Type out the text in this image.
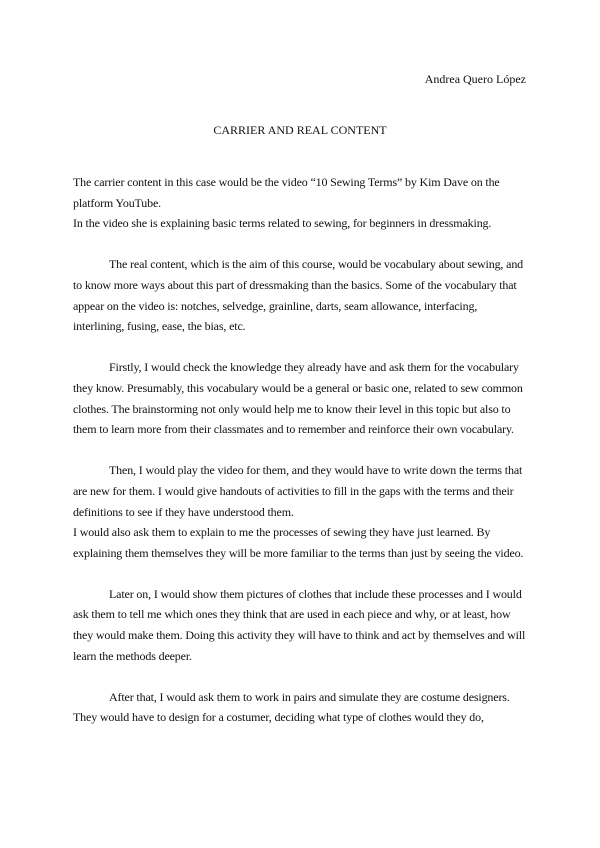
Andrea Quero López
CARRIER AND REAL CONTENT

The carrier content in this case would be the video “10 Sewing Terms” by Kim Dave on the platform YouTube.

In the video she is explaining basic terms related to sewing, for beginners in dressmaking.

The real content, which is the aim of this course, would be vocabulary about sewing, and to know more ways about this part of dressmaking than the basics. Some of the vocabulary that appear on the video is: notches, selvedge, grainline, darts, seam allowance, interfacing, interlining, fusing, ease, the bias, etc.

Firstly, I would check the knowledge they already have and ask them for the vocabulary they know. Presumably, this vocabulary would be a general or basic one, related to sew common clothes. The brainstorming not only would help me to know their level in this topic but also to them to learn more from their classmates and to remember and reinforce their own vocabulary.

Then, I would play the video for them, and they would have to write down the terms that are new for them. I would give handouts of activities to fill in the gaps with the terms and their definitions to see if they have understood them.

I would also ask them to explain to me the processes of sewing they have just learned. By explaining them themselves they will be more familiar to the terms than just by seeing the video.

Later on, I would show them pictures of clothes that include these processes and I would ask them to tell me which ones they think that are used in each piece and why, or at least, how they would make them. Doing this activity they will have to think and act by themselves and will learn the methods deeper.

After that, I would ask them to work in pairs and simulate they are costume designers. They would have to design for a costumer, deciding what type of clothes would they do,
